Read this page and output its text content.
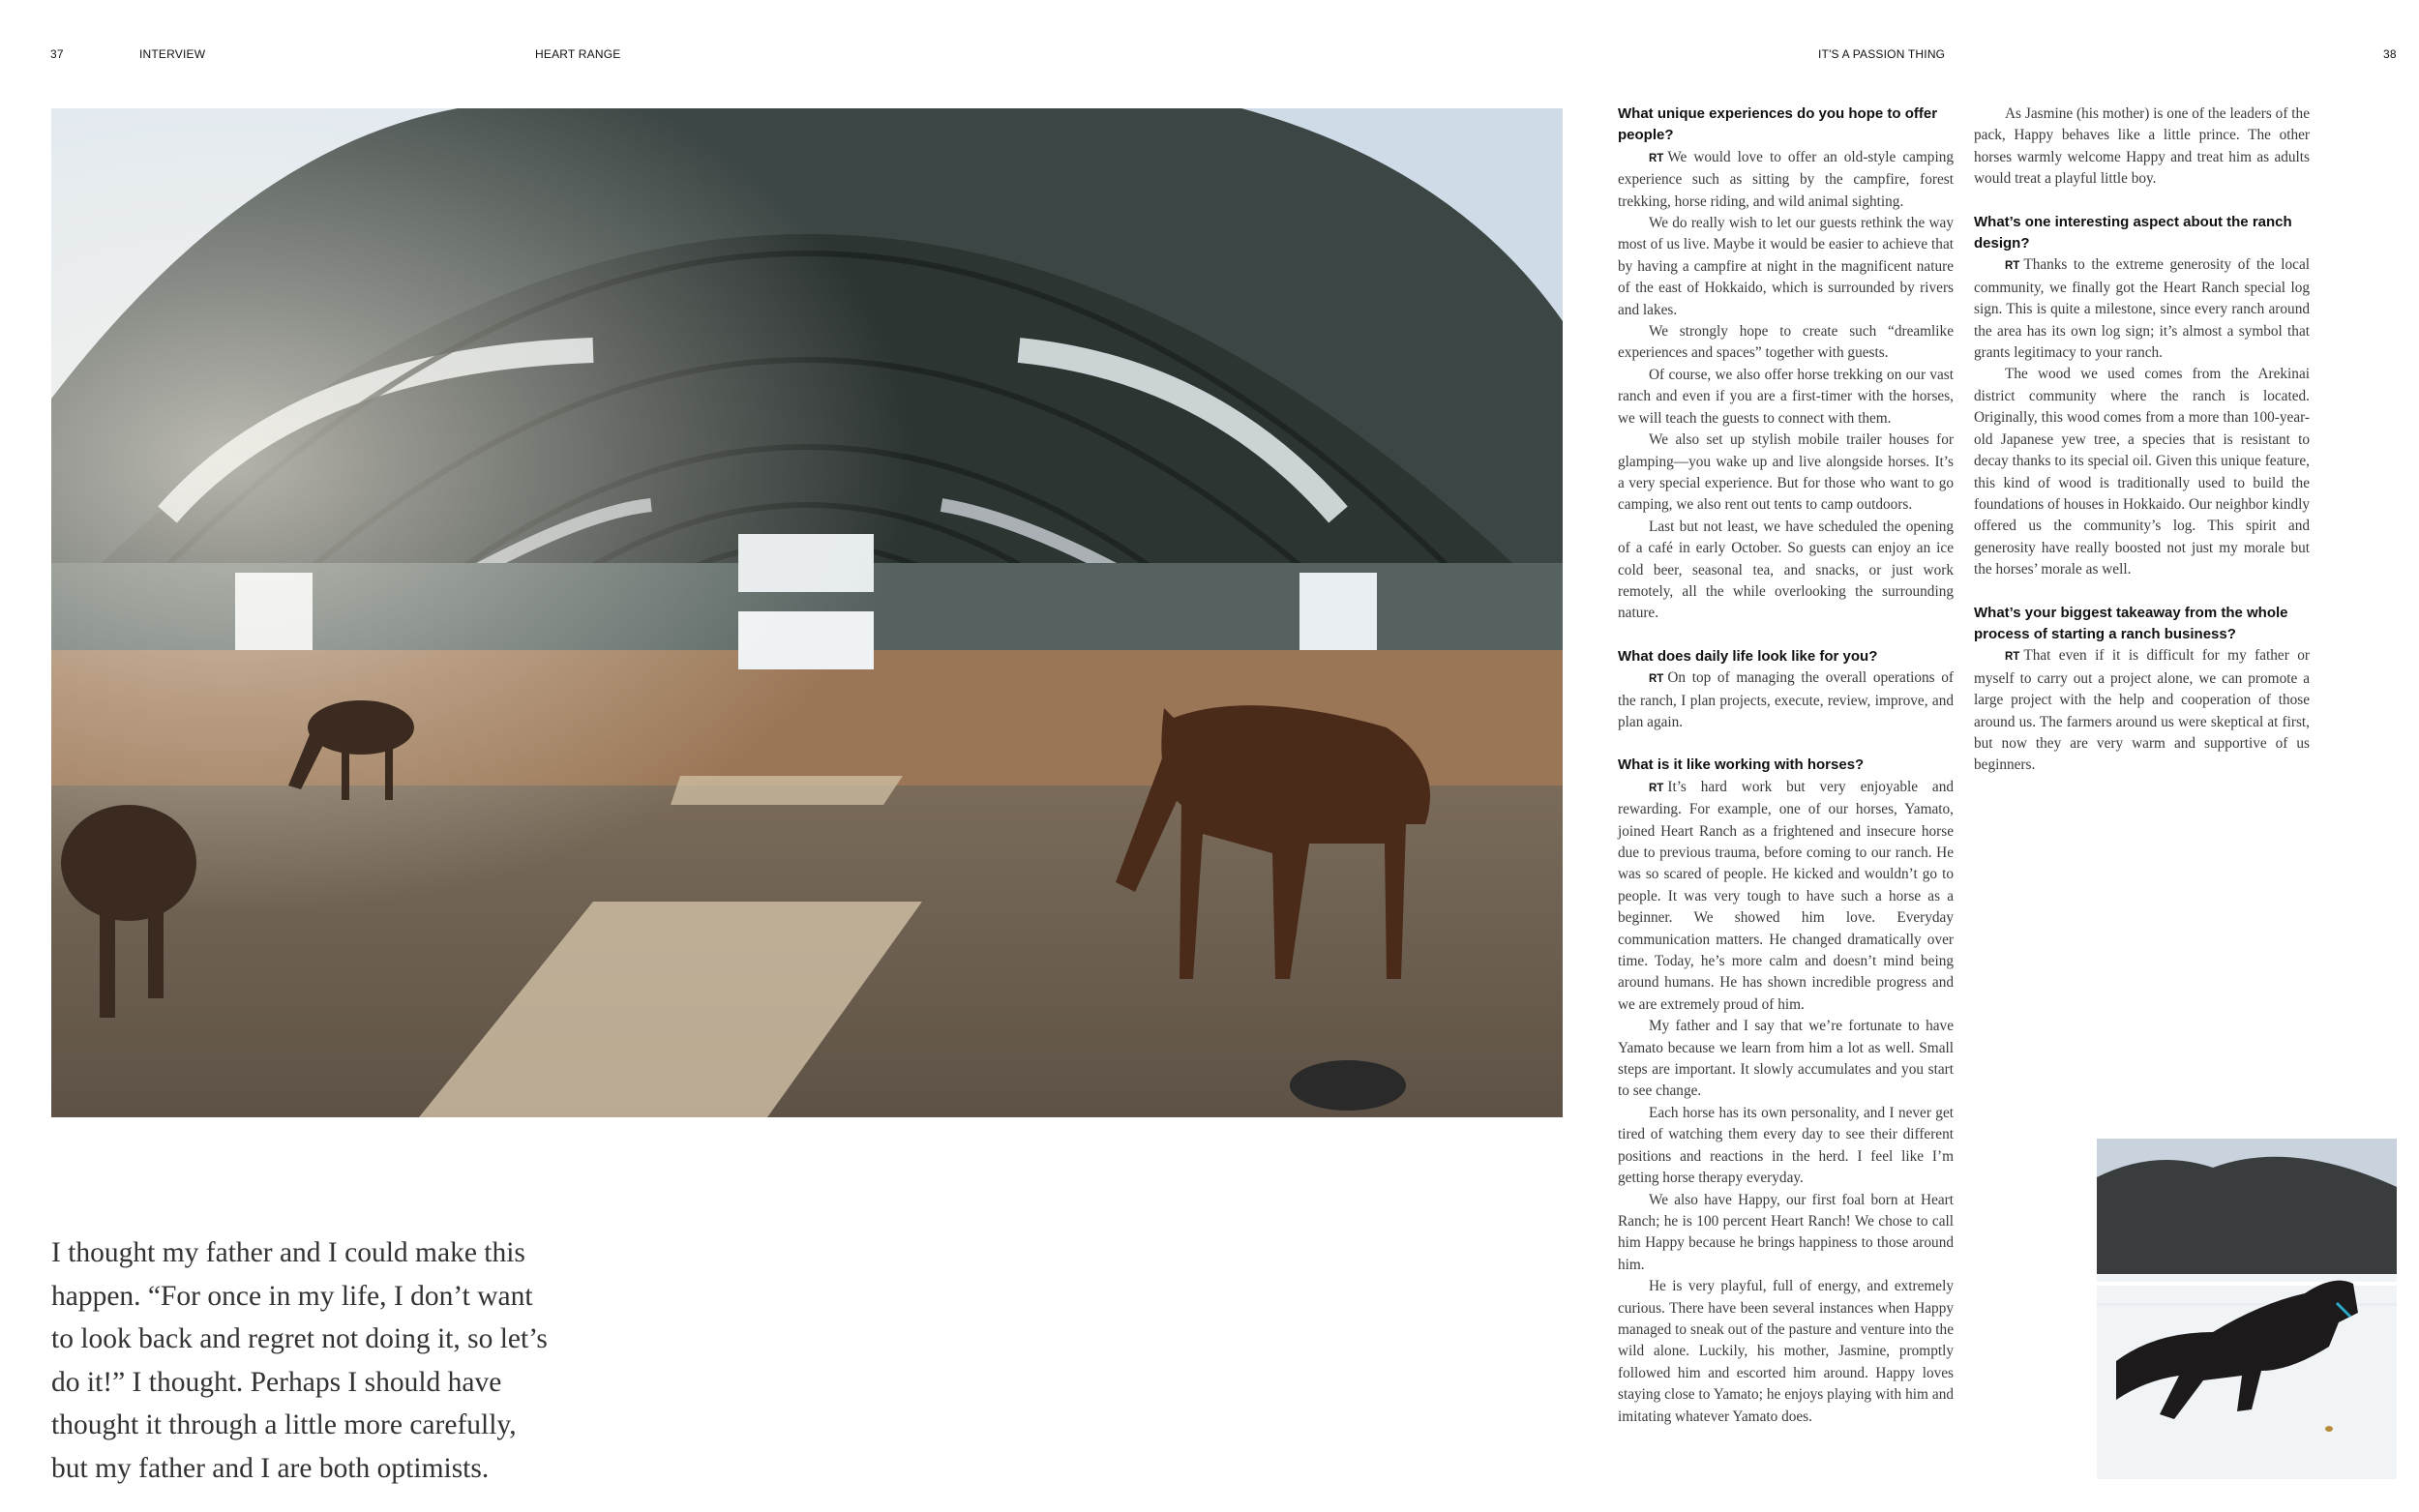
37	INTERVIEW	HEART RANGE	IT'S A PASSION THING	38

I thought my father and I could make this

happen. “For once in my life, I don’t want

to look back and regret not doing it, so let’s

do it!” I thought. Perhaps I should have

thought it through a little more carefully,

but my father and I are both optimists.

What unique experiences do you hope to offer people?

RT We would love to offer an old-style camping experience such as sitting by the campfire, forest trekking, horse riding, and wild animal sighting.

We do really wish to let our guests rethink the way most of us live. Maybe it would be easier to achieve that by having a campfire at night in the magnificent nature of the east of Hokkaido, which is surrounded by rivers and lakes.

We strongly hope to create such “dreamlike experiences and spaces” together with guests.

Of course, we also offer horse trekking on our vast ranch and even if you are a first-timer with the horses, we will teach the guests to connect with them.

We also set up stylish mobile trailer houses for glamping—you wake up and live alongside horses. It’s a very special experience. But for those who want to go camping, we also rent out tents to camp outdoors.

Last but not least, we have scheduled the opening of a café in early October. So guests can enjoy an ice cold beer, seasonal tea, and snacks, or just work remotely, all the while overlooking the surrounding nature.

What does daily life look like for you?

RT On top of managing the overall operations of the ranch, I plan projects, execute, review, improve, and plan again.

What is it like working with horses?

RT It’s hard work but very enjoyable and rewarding. For example, one of our horses, Yamato, joined Heart Ranch as a frightened and insecure horse due to previous trauma, before coming to our ranch. He was so scared of people. He kicked and wouldn’t go to people. It was very tough to have such a horse as a beginner. We showed him love. Everyday communication matters. He changed dramatically over time. Today, he’s more calm and doesn’t mind being around humans. He has shown incredible progress and we are extremely proud of him.

My father and I say that we’re fortunate to have Yamato because we learn from him a lot as well. Small steps are important. It slowly accumulates and you start to see change.

Each horse has its own personality, and I never get tired of watching them every day to see their different positions and reactions in the herd. I feel like I’m getting horse therapy everyday.

We also have Happy, our first foal born at Heart Ranch; he is 100 percent Heart Ranch! We chose to call him Happy because he brings happiness to those around him.

He is very playful, full of energy, and extremely curious. There have been several instances when Happy managed to sneak out of the pasture and venture into the wild alone. Luckily, his mother, Jasmine, promptly followed him and escorted him around. Happy loves staying close to Yamato; he enjoys playing with him and imitating whatever Yamato does.

As Jasmine (his mother) is one of the leaders of the pack, Happy behaves like a little prince. The other horses warmly welcome Happy and treat him as adults would treat a playful little boy.

What’s one interesting aspect about the ranch design?

RT Thanks to the extreme generosity of the local community, we finally got the Heart Ranch special log sign. This is quite a milestone, since every ranch around the area has its own log sign; it’s almost a symbol that grants legitimacy to your ranch.

The wood we used comes from the Arekinai district community where the ranch is located. Originally, this wood comes from a more than 100-year-old Japanese yew tree, a species that is resistant to decay thanks to its special oil. Given this unique feature, this kind of wood is traditionally used to build the foundations of houses in Hokkaido. Our neighbor kindly offered us the community’s log. This spirit and generosity have really boosted not just my morale but the horses’ morale as well.

What’s your biggest takeaway from the whole process of starting a ranch business?

RT That even if it is difficult for my father or myself to carry out a project alone, we can promote a large project with the help and cooperation of those around us. The farmers around us were skeptical at first, but now they are very warm and supportive of us beginners.
